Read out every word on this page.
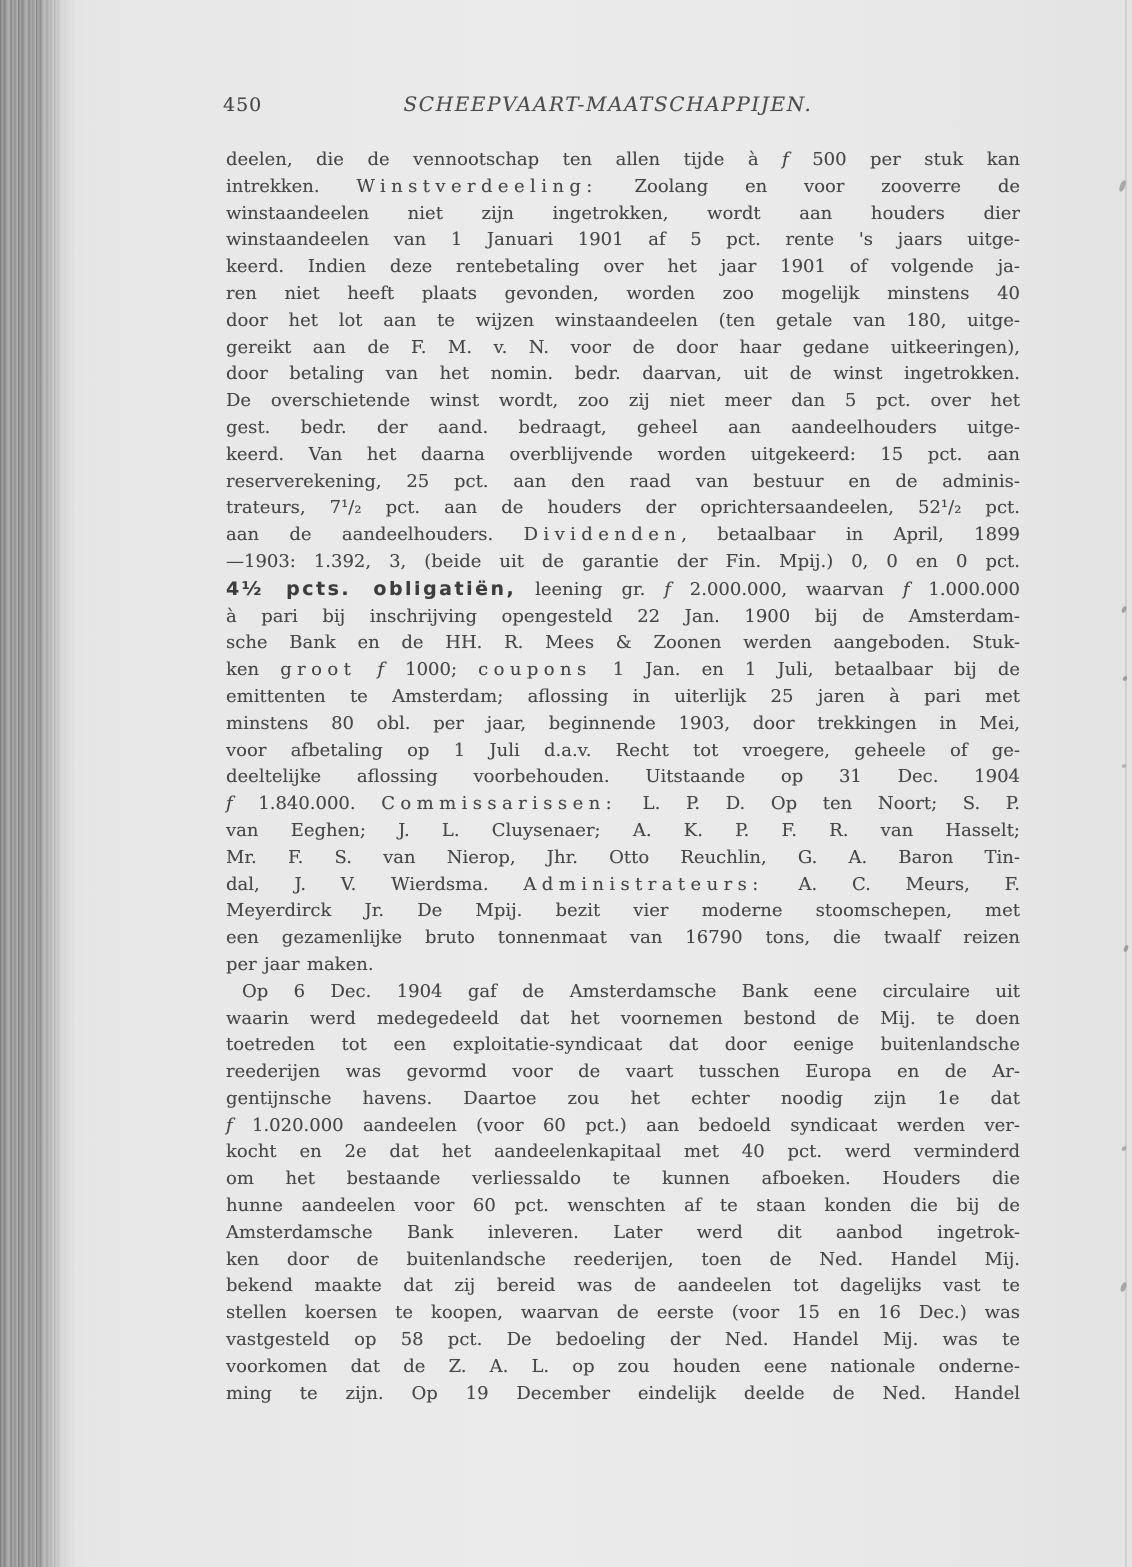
450	SCHEEPVAART-MAATSCHAPPIJEN.
deelen, die de vennootschap ten allen tijde à f 500 per stuk kan
intrekken. Winstverdeeling: Zoolang en voor zooverre de
winstaandeelen niet zijn ingetrokken, wordt aan houders dier
winstaandeelen van 1 Januari 1901 af 5 pct. rente 's jaars uitge-
keerd. Indien deze rentebetaling over het jaar 1901 of volgende ja-
ren niet heeft plaats gevonden, worden zoo mogelijk minstens 40
door het lot aan te wijzen winstaandeelen (ten getale van 180, uitge-
gereikt aan de F. M. v. N. voor de door haar gedane uitkeeringen),
door betaling van het nomin. bedr. daarvan, uit de winst ingetrokken.
De overschietende winst wordt, zoo zij niet meer dan 5 pct. over het
gest. bedr. der aand. bedraagt, geheel aan aandeelhouders uitge-
keerd. Van het daarna overblijvende worden uitgekeerd: 15 pct. aan
reserverekening, 25 pct. aan den raad van bestuur en de adminis-
trateurs, 7¹/₂ pct. aan de houders der oprichtersaandeelen, 52¹/₂ pct.
aan de aandeelhouders. Dividenden, betaalbaar in April, 1899
—1903: 1.392, 3, (beide uit de garantie der Fin. Mpij.) 0, 0 en 0 pct.
4½ pcts. obligatiën, leening gr. f 2.000.000, waarvan f 1.000.000
à pari bij inschrijving opengesteld 22 Jan. 1900 bij de Amsterdam-
sche Bank en de HH. R. Mees & Zoonen werden aangeboden. Stuk-
ken groot f 1000; coupons 1 Jan. en 1 Juli, betaalbaar bij de
emittenten te Amsterdam; aflossing in uiterlijk 25 jaren à pari met
minstens 80 obl. per jaar, beginnende 1903, door trekkingen in Mei,
voor afbetaling op 1 Juli d.a.v. Recht tot vroegere, geheele of ge-
deeltelijke aflossing voorbehouden. Uitstaande op 31 Dec. 1904
f 1.840.000. Commissarissen: L. P. D. Op ten Noort; S. P.
van Eeghen; J. L. Cluysenaer; A. K. P. F. R. van Hasselt;
Mr. F. S. van Nierop, Jhr. Otto Reuchlin, G. A. Baron Tin-
dal, J. V. Wierdsma. Administrateurs: A. C. Meurs, F.
Meyerdirck Jr. De Mpij. bezit vier moderne stoomschepen, met
een gezamenlijke bruto tonnenmaat van 16790 tons, die twaalf reizen
per jaar maken.
Op 6 Dec. 1904 gaf de Amsterdamsche Bank eene circulaire uit
waarin werd medegedeeld dat het voornemen bestond de Mij. te doen
toetreden tot een exploitatie-syndicaat dat door eenige buitenlandsche
reederijen was gevormd voor de vaart tusschen Europa en de Ar-
gentijnsche havens. Daartoe zou het echter noodig zijn 1e dat
f 1.020.000 aandeelen (voor 60 pct.) aan bedoeld syndicaat werden ver-
kocht en 2e dat het aandeelenkapitaal met 40 pct. werd verminderd
om het bestaande verliessaldo te kunnen afboeken. Houders die
hunne aandeelen voor 60 pct. wenschten af te staan konden die bij de
Amsterdamsche Bank inleveren. Later werd dit aanbod ingetrok-
ken door de buitenlandsche reederijen, toen de Ned. Handel Mij.
bekend maakte dat zij bereid was de aandeelen tot dagelijks vast te
stellen koersen te koopen, waarvan de eerste (voor 15 en 16 Dec.) was
vastgesteld op 58 pct. De bedoeling der Ned. Handel Mij. was te
voorkomen dat de Z. A. L. op zou houden eene nationale onderne-
ming te zijn. Op 19 December eindelijk deelde de Ned. Handel
